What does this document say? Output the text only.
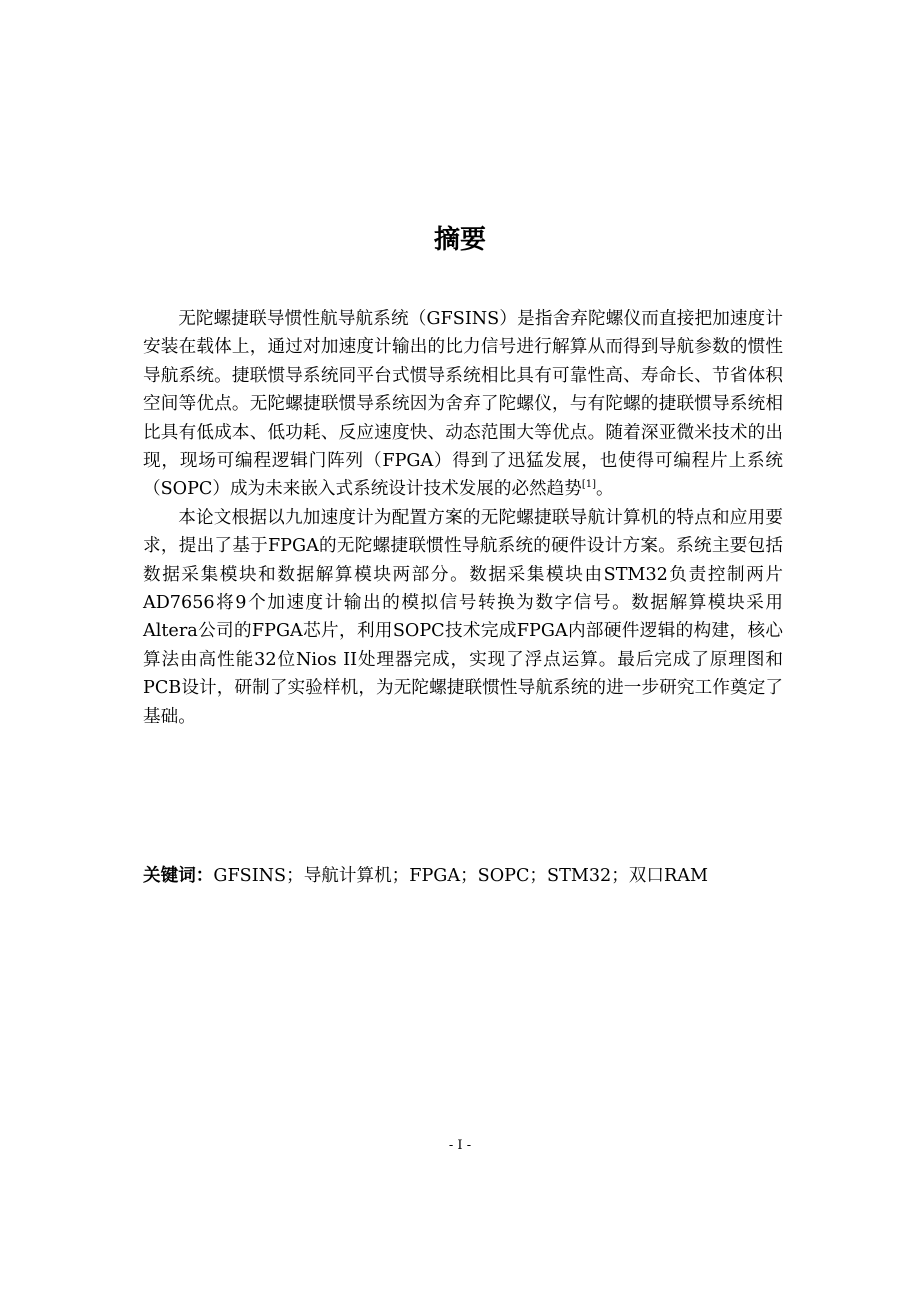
摘要

无陀螺捷联导惯性航导航系统（GFSINS）是指舍弃陀螺仪而直接把加速度计安装在载体上，通过对加速度计输出的比力信号进行解算从而得到导航参数的惯性导航系统。捷联惯导系统同平台式惯导系统相比具有可靠性高、寿命长、节省体积空间等优点。无陀螺捷联惯导系统因为舍弃了陀螺仪，与有陀螺的捷联惯导系统相比具有低成本、低功耗、反应速度快、动态范围大等优点。随着深亚微米技术的出现，现场可编程逻辑门阵列（FPGA）得到了迅猛发展，也使得可编程片上系统（SOPC）成为未来嵌入式系统设计技术发展的必然趋势[1]。

本论文根据以九加速度计为配置方案的无陀螺捷联导航计算机的特点和应用要求，提出了基于FPGA的无陀螺捷联惯性导航系统的硬件设计方案。系统主要包括数据采集模块和数据解算模块两部分。数据采集模块由STM32负责控制两片AD7656将9个加速度计输出的模拟信号转换为数字信号。数据解算模块采用Altera公司的FPGA芯片，利用SOPC技术完成FPGA内部硬件逻辑的构建，核心算法由高性能32位Nios II处理器完成，实现了浮点运算。最后完成了原理图和PCB设计，研制了实验样机，为无陀螺捷联惯性导航系统的进一步研究工作奠定了基础。

关键词：GFSINS；导航计算机；FPGA；SOPC；STM32；双口RAM
- I -
